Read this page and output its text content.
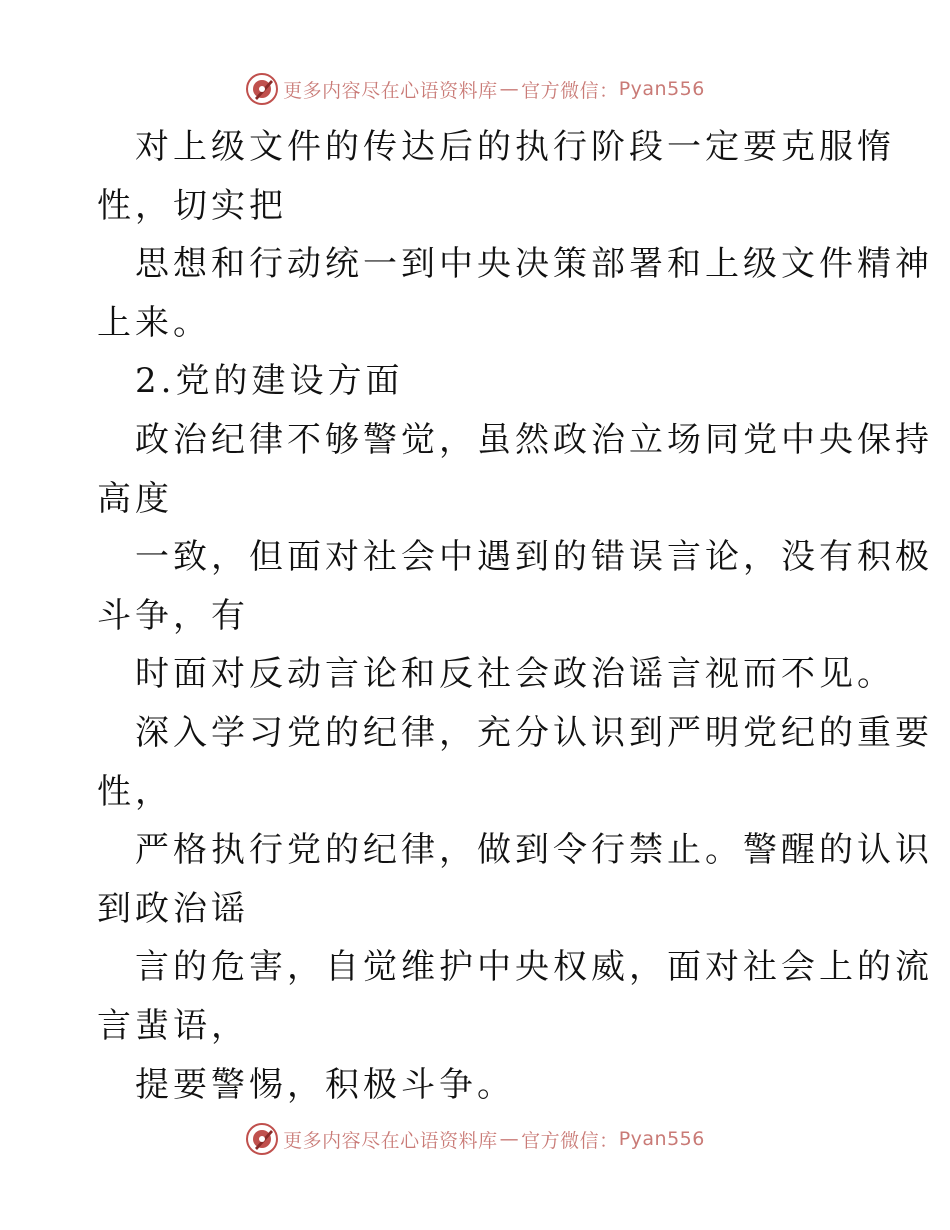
更多内容尽在心语资料库 — 官方微信： Pyan556
对上级文件的传达后的执行阶段一定要克服惰
性，切实把
思想和行动统一到中央决策部署和上级文件精神
上来。
2.党的建设方面
政治纪律不够警觉，虽然政治立场同党中央保持
高度
一致，但面对社会中遇到的错误言论，没有积极
斗争，有
时面对反动言论和反社会政治谣言视而不见。
深入学习党的纪律，充分认识到严明党纪的重要
性，
严格执行党的纪律，做到令行禁止。警醒的认识
到政治谣
言的危害，自觉维护中央权威，面对社会上的流
言蜚语，
提要警惕，积极斗争。
更多内容尽在心语资料库 — 官方微信： Pyan556
